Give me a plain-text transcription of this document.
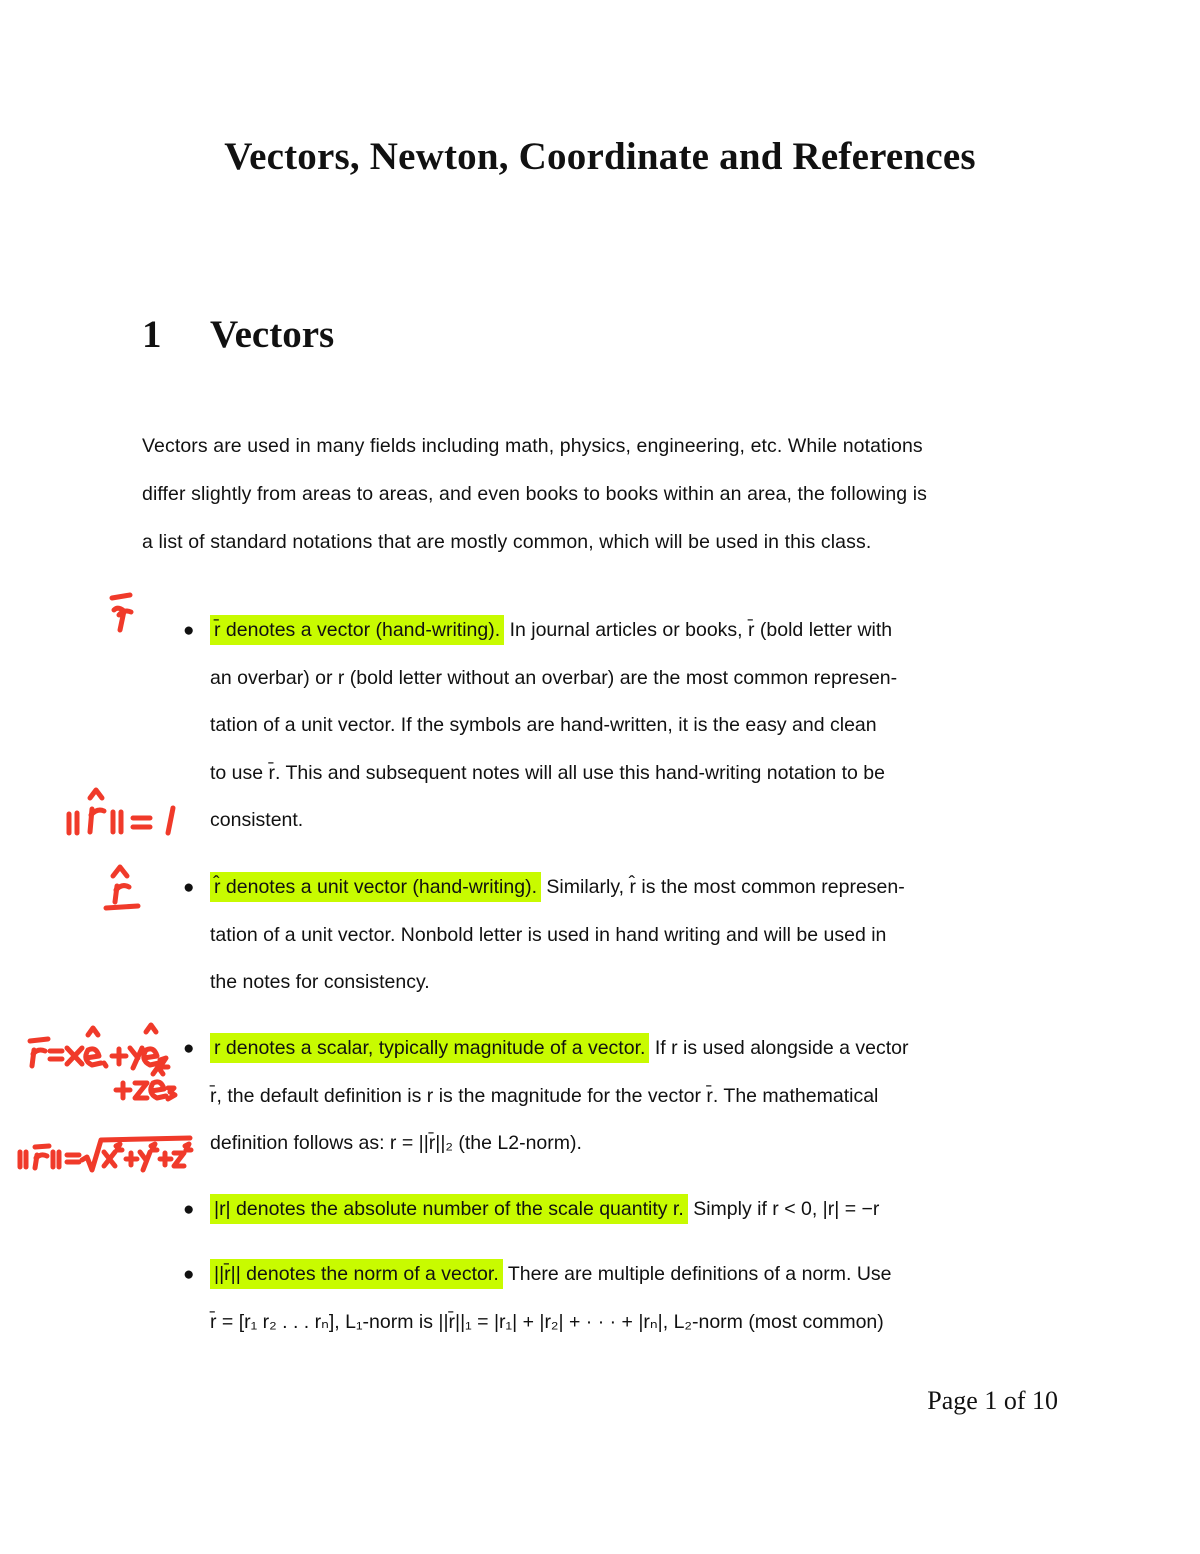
Vectors, Newton, Coordinate and References
1 Vectors
Vectors are used in many fields including math, physics, engineering, etc. While notations
differ slightly from areas to areas, and even books to books within an area, the following is
a list of standard notations that are mostly common, which will be used in this class.
● r̄ denotes a vector (hand-writing). In journal articles or books, r̄ (bold letter with
an overbar) or r (bold letter without an overbar) are the most common represen-
tation of a unit vector. If the symbols are hand-written, it is the easy and clean
to use r̄. This and subsequent notes will all use this hand-writing notation to be
consistent.
● r̂ denotes a unit vector (hand-writing). Similarly, r̂ is the most common represen-
tation of a unit vector. Nonbold letter is used in hand writing and will be used in
the notes for consistency.
● r denotes a scalar, typically magnitude of a vector. If r is used alongside a vector
r̄, the default definition is r is the magnitude for the vector r̄. The mathematical
definition follows as: r = ||r̄||₂ (the L2-norm).
● |r| denotes the absolute number of the scale quantity r. Simply if r < 0, |r| = −r
● ||r̄|| denotes the norm of a vector. There are multiple definitions of a norm. Use
r̄ = [r₁ r₂ . . . rₙ], L₁-norm is ||r̄||₁ = |r₁| + |r₂| + · · · + |rₙ|, L₂-norm (most common)
Page 1 of 10
